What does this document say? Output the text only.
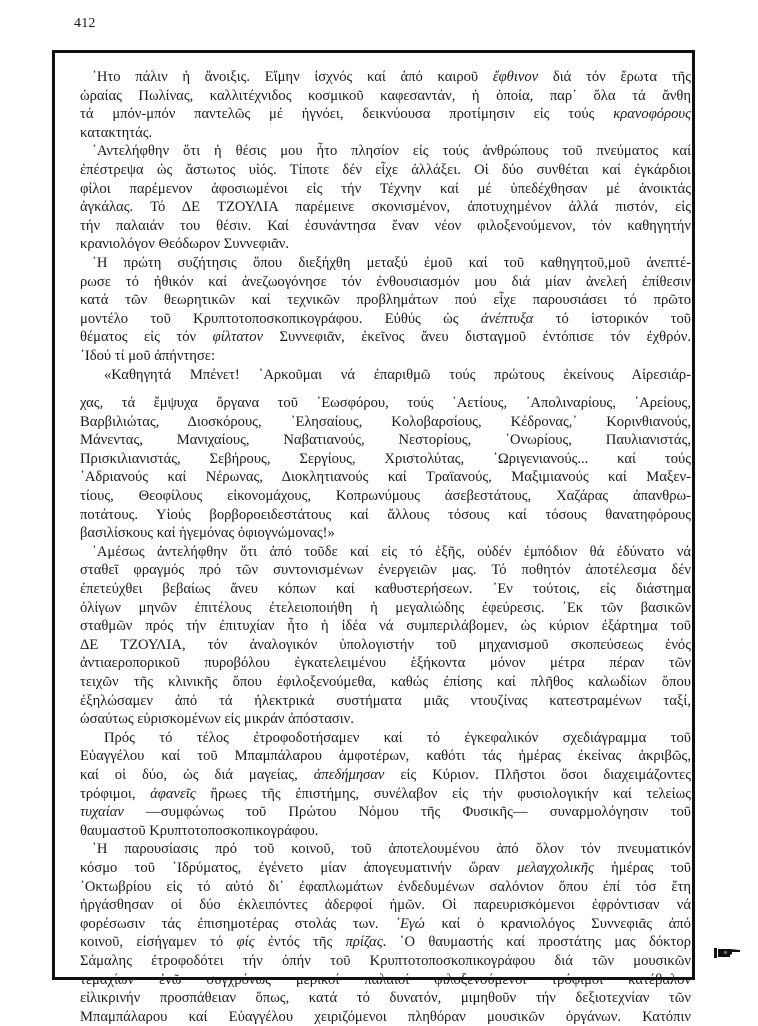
412
᾿Ητο πάλιν ἡ ἄνοιξις. Εἴμην ἰσχνός καί ἀπό καιροῦ ἔφθινον διά τόν ἔρωτα τῆς
ὡραίας Πωλίνας, καλλιτέχνιδος κοσμικοῦ καφεσαντάν, ἡ ὁποία, παρ᾿ ὅλα τά ἄνθη
τά μπόν-μπόν παντελῶς μέ ἠγνόει, δεικνύουσα προτίμησιν εἰς τούς κρανοφόρους
κατακτητάς.
᾿Αντελήφθην ὅτι ἡ θέσις μου ἦτο πλησίον εἰς τούς ἀνθρώπους τοῦ πνεύματος καί
ἐπέστρεψα ὡς ἄστωτος υἱός. Τίποτε δέν εἶχε ἀλλάξει. Οἱ δύο συνθέται καί ἐγκάρδιοι
φίλοι παρέμενον ἀφοσιωμένοι εἰς τήν Τέχνην καί μέ ὑπεδέχθησαν μέ ἀνοικτάς
ἀγκάλας. Τό ΔΕ ΤΖΟΥΛΙΑ παρέμεινε σκονισμένον, ἀποτυχημένον ἀλλά πιστόν, εἰς
τήν παλαιάν του θέσιν. Καί ἐσυνάντησα ἕναν νέον φιλοξενούμενον, τόν καθηγητήν
κρανιολόγον Θεόδωρον Συννεφιᾶν.
῾Η πρώτη συζήτησις ὅπου διεξήχθη μεταξύ ἐμοῦ καί τοῦ καθηγητοῦ,μοῦ ἀνεπτέ-
ρωσε τό ἠθικόν καί ἀνεζωογόνησε τόν ἐνθουσιασμόν μου διά μίαν ἀνελεή ἐπίθεσιν
κατά τῶν θεωρητικῶν καί τεχνικῶν προβλημάτων πού εἶχε παρουσιάσει τό πρῶτο
μοντέλο τοῦ Κρυπτοτοποσκοπικογράφου. Εὐθύς ὡς ἀνέπτυξα τό ἱστορικόν τοῦ
θέματος εἰς τόν φίλτατον Συννεφιᾶν, ἐκεῖνος ἄνευ δισταγμοῦ ἐντόπισε τόν ἐχθρόν.
᾿Ιδού τί μοῦ ἀπήντησε:
«Καθηγητά Μπένετ! ᾿Αρκοῦμαι νά ἐπαριθμῶ τούς πρώτους ἐκείνους Αἱρεσιάρ-
χας, τά ἔμψυχα ὄργανα τοῦ ᾿Εωσφόρου, τούς ᾿Αετίους, ᾿Απολιναρίους, ᾿Αρείους,
Βαρβιλιώτας, Διοσκόρους, ᾿Ελησαίους, Κολοβαρσίους, Κέδρονας,᾿ Κορινθιανούς,
Μάνεντας, Μανιχαίους, Ναβατιανούς, Νεστορίους, ᾿Ονωρίους, Παυλιανιστάς,
Πρισκιλιανιστάς, Σεβήρους, Σεργίους, Χριστολύτας, ᾿Ωριγενιανούς... καί τούς
᾿Αδριανούς καί Νέρωνας, Διοκλητιανούς καί Τραϊανούς, Μαξιμιανούς καί Μαξεν-
τίους, Θεοφίλους εἰκονομάχους, Κοπρωνύμους ἀσεβεστάτους, Χαζάρας ἀπανθρω-
ποτάτους. Υἱούς βορβοροειδεστάτους καί ἄλλους τόσους καί τόσους θανατηφόρους
βασιλίσκους καί ἡγεμόνας ὀφιογνώμονας!»
᾿Αμέσως ἀντελήφθην ὅτι ἀπό τοῦδε καί εἰς τό ἑξῆς, οὐδέν ἐμπόδιον θά ἐδύνατο νά
σταθεῖ φραγμός πρό τῶν συντονισμένων ἐνεργειῶν μας. Τό ποθητόν ἀποτέλεσμα δέν
ἐπετεύχθει βεβαίως ἄνευ κόπων καί καθυστερήσεων. ᾿Εν τούτοις, εἰς διάστημα
ὀλίγων μηνῶν ἐπιτέλους ἐτελειοποιήθη ἡ μεγαλιώδης ἐφεύρεσις. ᾿Εκ τῶν βασικῶν
σταθμῶν πρός τήν ἐπιτυχίαν ἦτο ἡ ἰδέα νά συμπεριλάβομεν, ὡς κύριον ἐξάρτημα τοῦ
ΔΕ ΤΖΟΥΛΙΑ, τόν ἀναλογικόν ὑπολογιστήν τοῦ μηχανισμοῦ σκοπεύσεως ἑνός
ἀντιαεροπορικοῦ πυροβόλου ἐγκατελειμένου ἑξήκοντα μόνον μέτρα πέραν τῶν
τειχῶν τῆς κλινικῆς ὅπου ἐφιλοξενούμεθα, καθώς ἐπίσης καί πλῆθος καλωδίων ὅπου
ἐξηλώσαμεν ἀπό τά ἠλεκτρικά συστήματα μιᾶς ντουζίνας κατεστραμένων ταξί,
ὡσαύτως εὑρισκομένων εἰς μικράν ἀπόστασιν.
Πρός τό τέλος ἐτροφοδοτήσαμεν καί τό ἐγκεφαλικόν σχεδιάγραμμα τοῦ
Εὐαγγέλου καί τοῦ Μπαμπάλαρου ἀμφοτέρων, καθότι τάς ἡμέρας ἐκείνας ἀκριβῶς,
καί οἱ δύο, ὡς διά μαγείας, ἀπεδήμησαν εἰς Κύριον. Πλῆστοι ὅσοι διαχειμάζοντες
τρόφιμοι, ἀφανεῖς ἥρωες τῆς ἐπιστήμης, συνέλαβον εἰς τήν φυσιολογικήν καί τελείως
τυχαίαν —συμφώνως τοῦ Πρώτου Νόμου τῆς Φυσικῆς— συναρμολόγησιν τοῦ
θαυμαστοῦ Κρυπτοτοποσκοπικογράφου.
῾Η παρουσίασις πρό τοῦ κοινοῦ, τοῦ ἀποτελουμένου ἀπό ὅλον τόν πνευματικόν
κόσμο τοῦ ῾Ιδρύματος, ἐγένετο μίαν ἀπογευματινήν ὥραν μελαγχολικῆς ἡμέρας τοῦ
᾿Οκτωβρίου εἰς τό αὐτό δι᾿ ἐφαπλωμάτων ἐνδεδυμένων σαλόνιον ὅπου ἐπί τόσ ἔτη
ἠργάσθησαν οἱ δύο ἐκλειπόντες ἀδερφοί ἡμῶν. Οἱ παρευρισκόμενοι ἐφρόντισαν νά
φορέσωσιν τάς ἐπισημοτέρας στολάς των. ᾿Εγώ καί ὁ κρανιολόγος Συννεφιᾶς ἀπό
κοινοῦ, εἰσήγαμεν τό φίς ἐντός τῆς πρίζας. ῾Ο θαυμαστής καί προστάτης μας δόκτορ
Σάμαλης ἐτροφοδότει τήν ὀπήν τοῦ Κρυπτοτοποσκοπικογράφου διά τῶν μουσικῶν
τεμαχίων ἐνῶ συγχρόνως μερικοί παλαιοί φιλοξενούμενοι τρόφιμοι κατέβαλον
εἰλικρινήν προσπάθειαν ὅπως, κατά τό δυνατόν, μιμηθοῦν τήν δεξιοτεχνίαν τῶν
Μπαμπάλαρου καί Εὐαγγέλου χειριζόμενοι πληθόραν μουσικῶν ὀργάνων. Κατόπιν
